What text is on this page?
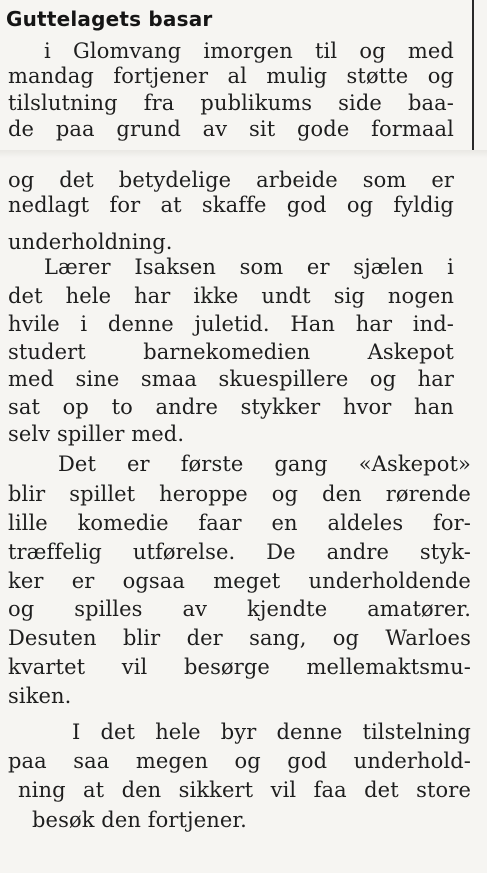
Guttelagets basar
i Glomvang imorgen til og med
mandag fortjener al mulig støtte og
tilslutning fra publikums side baa-
de paa grund av sit gode formaal
og det betydelige arbeide som er
nedlagt for at skaffe god og fyldig
underholdning.
Lærer Isaksen som er sjælen i
det hele har ikke undt sig nogen
hvile i denne juletid. Han har ind-
studert	barnekomedien	Askepot
med sine smaa skuespillere og har
sat op to andre stykker hvor han
selv spiller med.
Det er første gang «Askepot»
blir spillet heroppe og den rørende
lille komedie faar en aldeles for-
træffelig utførelse. De andre styk-
ker er ogsaa meget underholdende
og spilles av kjendte amatører.
Desuten blir der sang, og Warloes
kvartet vil besørge mellemaktsmu-
siken.
I det hele byr denne tilstelning
paa saa megen og god underhold-
ning at den sikkert vil faa det store
besøk den fortjener.
